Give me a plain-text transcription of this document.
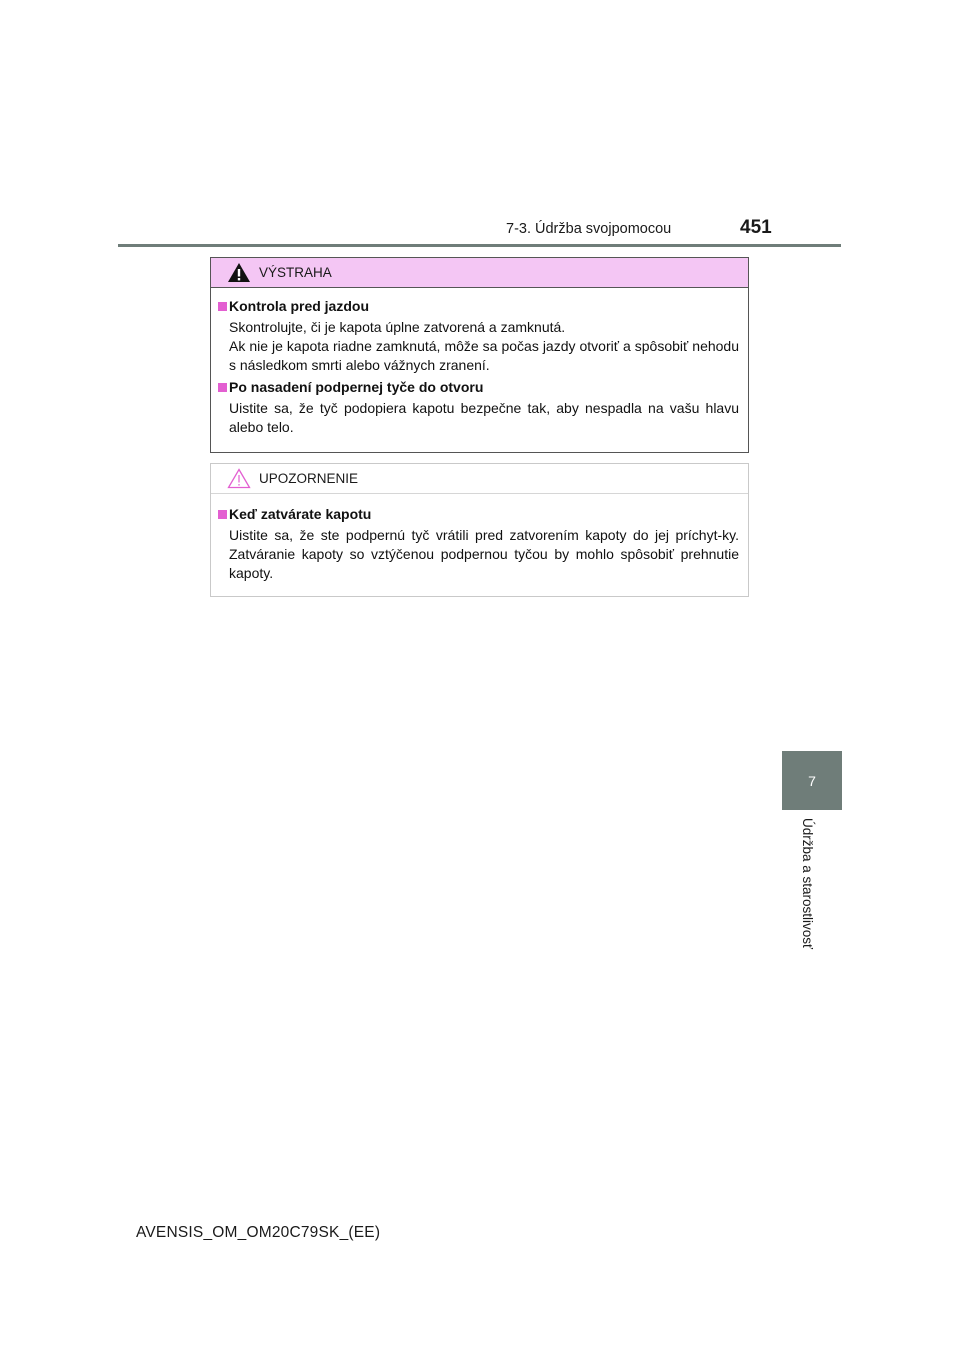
7-3. Údržba svojpomocou	451
7
Údržba a starostlivosť
VÝSTRAHA
Kontrola pred jazdou
Skontrolujte, či je kapota úplne zatvorená a zamknutá.
Ak nie je kapota riadne zamknutá, môže sa počas jazdy otvoriť a spôsobiť nehodu s následkom smrti alebo vážnych zranení.
Po nasadení podpernej tyče do otvoru
Uistite sa, že tyč podopiera kapotu bezpečne tak, aby nespadla na vašu hlavu alebo telo.
UPOZORNENIE
Keď zatvárate kapotu
Uistite sa, že ste podpernú tyč vrátili pred zatvorením kapoty do jej príchyt-ky. Zatváranie kapoty so vztýčenou podpernou tyčou by mohlo spôsobiť prehnutie kapoty.
AVENSIS_OM_OM20C79SK_(EE)
